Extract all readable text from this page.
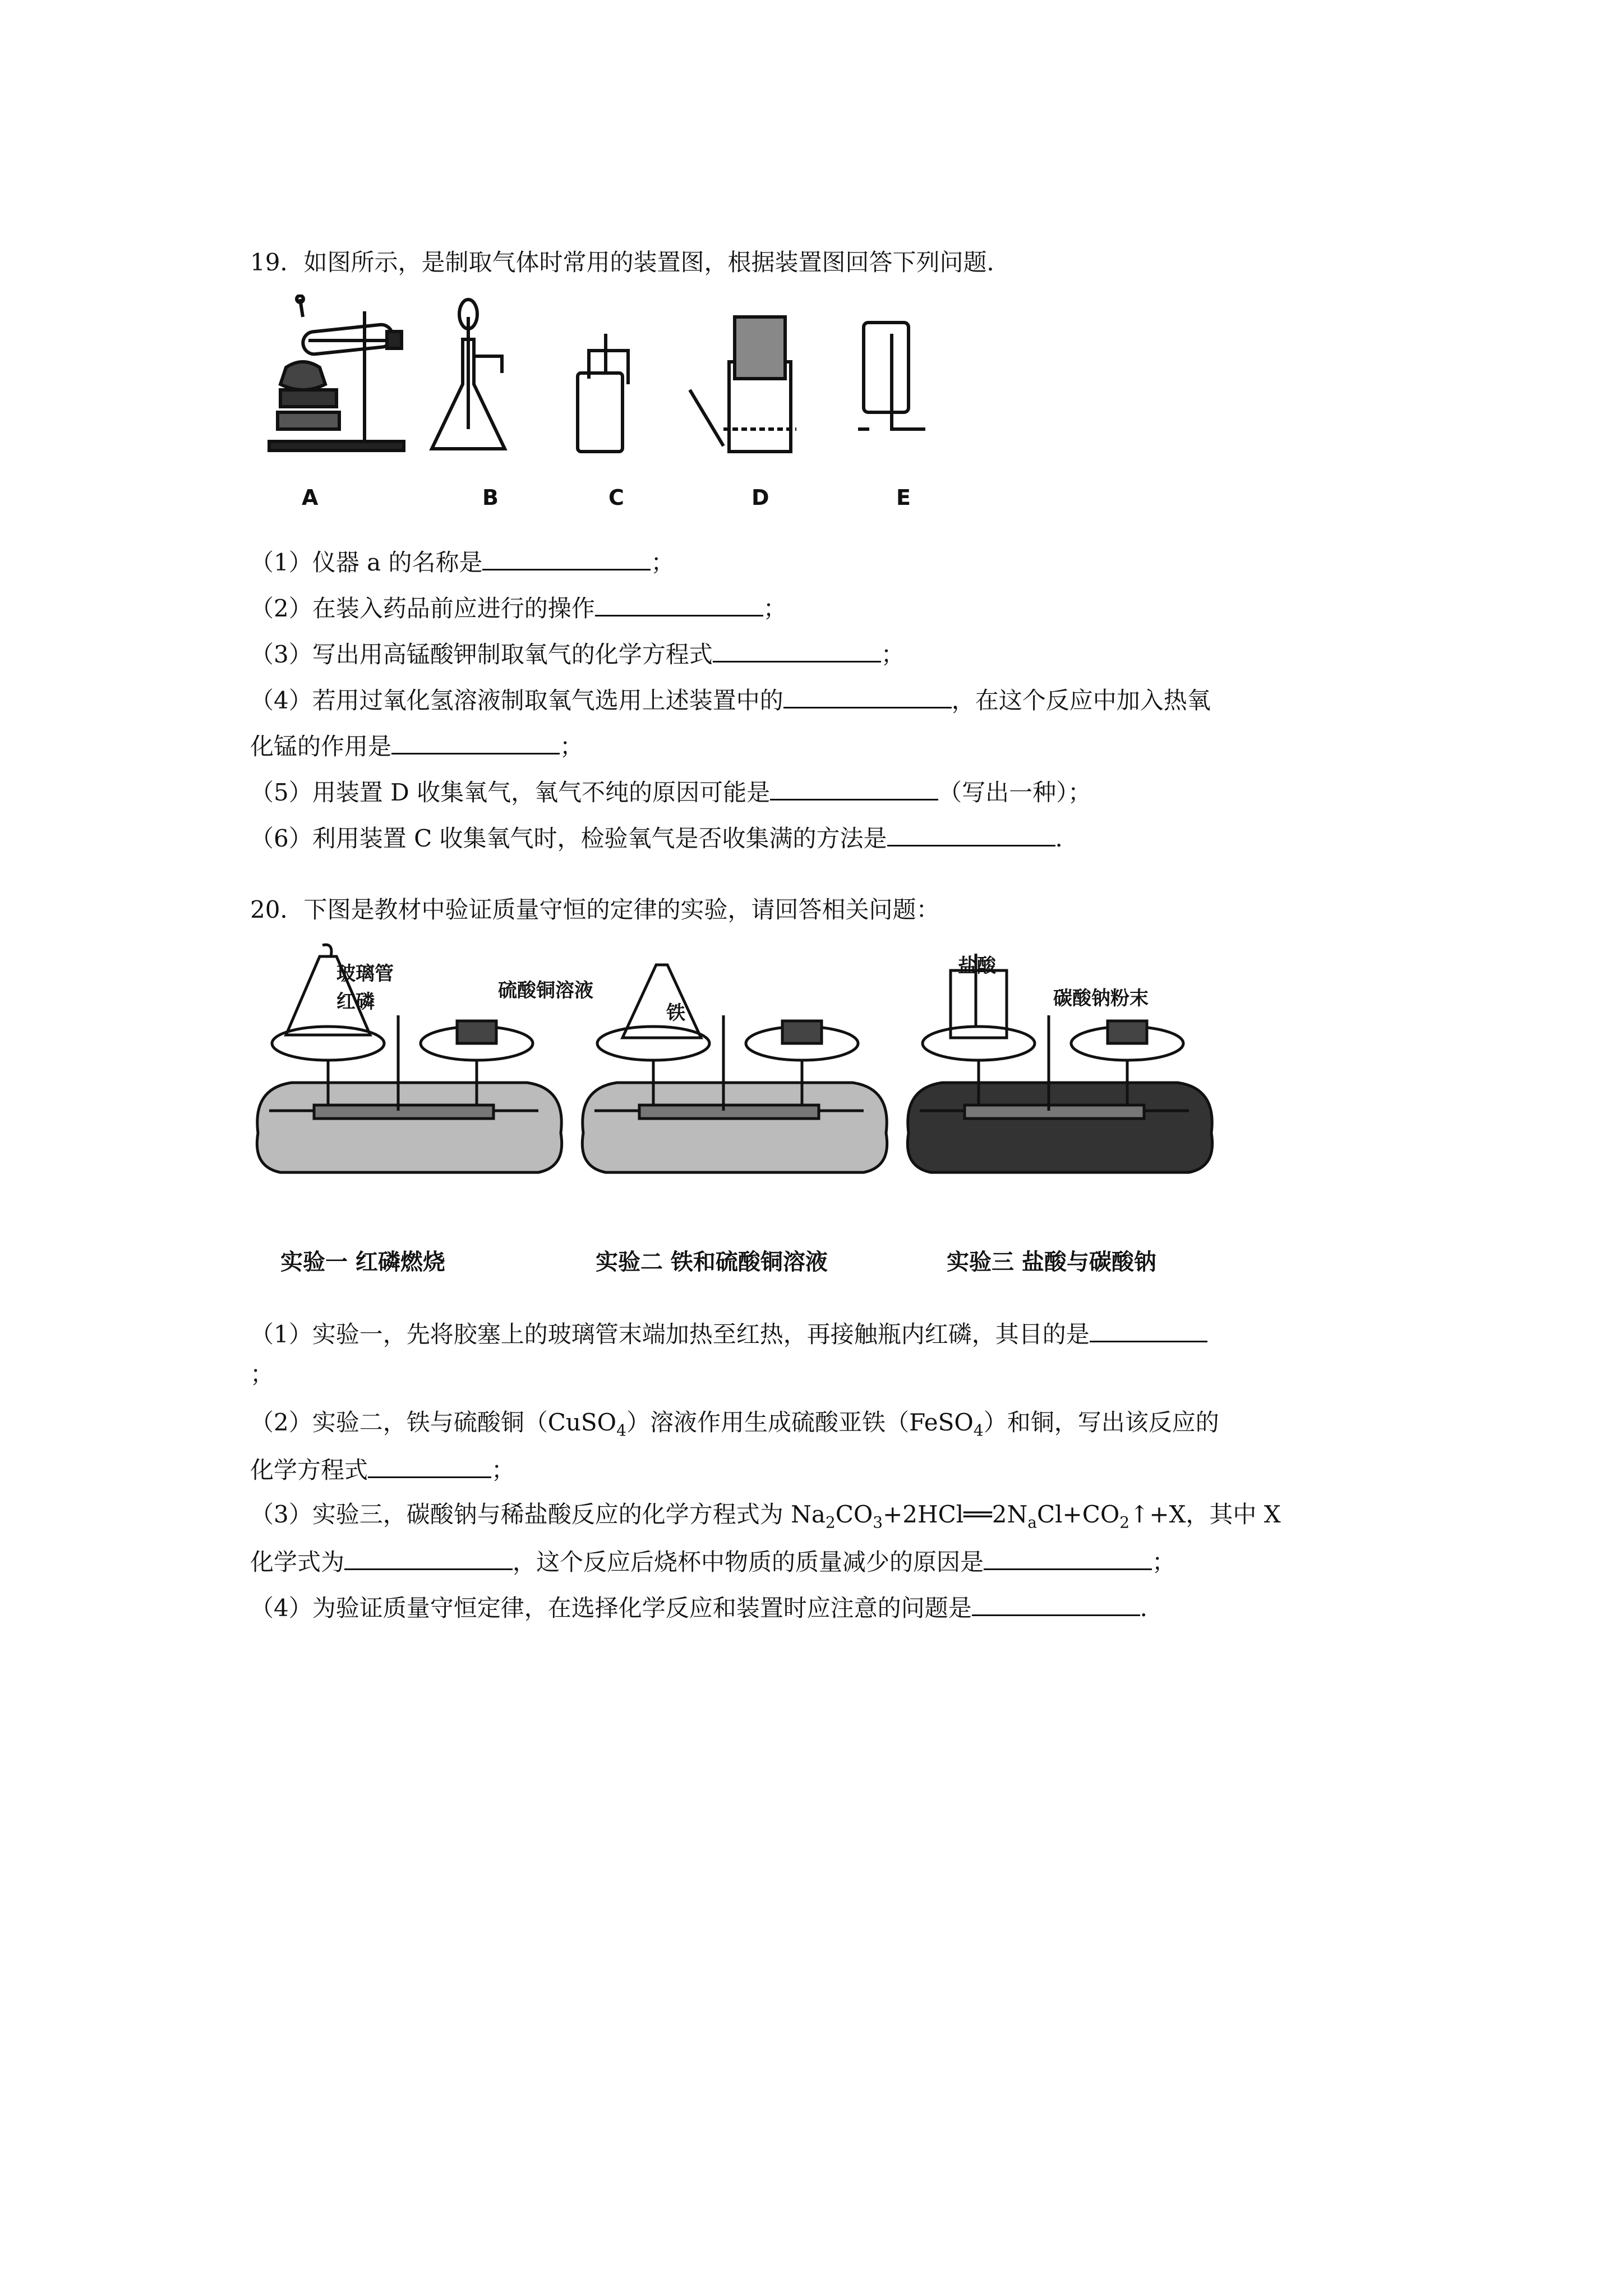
19．如图所示，是制取气体时常用的装置图，根据装置图回答下列问题．
A	B	C	D	E
（1）仪器 a 的名称是	；
（2）在装入药品前应进行的操作	；
（3）写出用高锰酸钾制取氧气的化学方程式	；
（4）若用过氧化氢溶液制取氧气选用上述装置中的	，在这个反应中加入热氧
化锰的作用是	；
（5）用装置 D 收集氧气，氧气不纯的原因可能是	（写出一种）；
（6）利用装置 C 收集氧气时，检验氧气是否收集满的方法是	．
20．下图是教材中验证质量守恒的定律的实验，请回答相关问题：
玻璃管
红磷	硫酸铜溶液
铁
盐酸
碳酸钠粉末
实验一 红磷燃烧	实验二 铁和硫酸铜溶液	实验三 盐酸与碳酸钠
（1）实验一，先将胶塞上的玻璃管末端加热至红热，再接触瓶内红磷，其目的是
；
（2）实验二，铁与硫酸铜（CuSO$_4$）溶液作用生成硫酸亚铁（FeSO$_4$）和铜，写出该反应的
化学方程式	；
（3）实验三，碳酸钠与稀盐酸反应的化学方程式为 $Na_2CO_3+2HCl══2N_aCl+CO_2↑+X$，其中 X
化学式为	，这个反应后烧杯中物质的质量减少的原因是	；
（4）为验证质量守恒定律，在选择化学反应和装置时应注意的问题是	．
